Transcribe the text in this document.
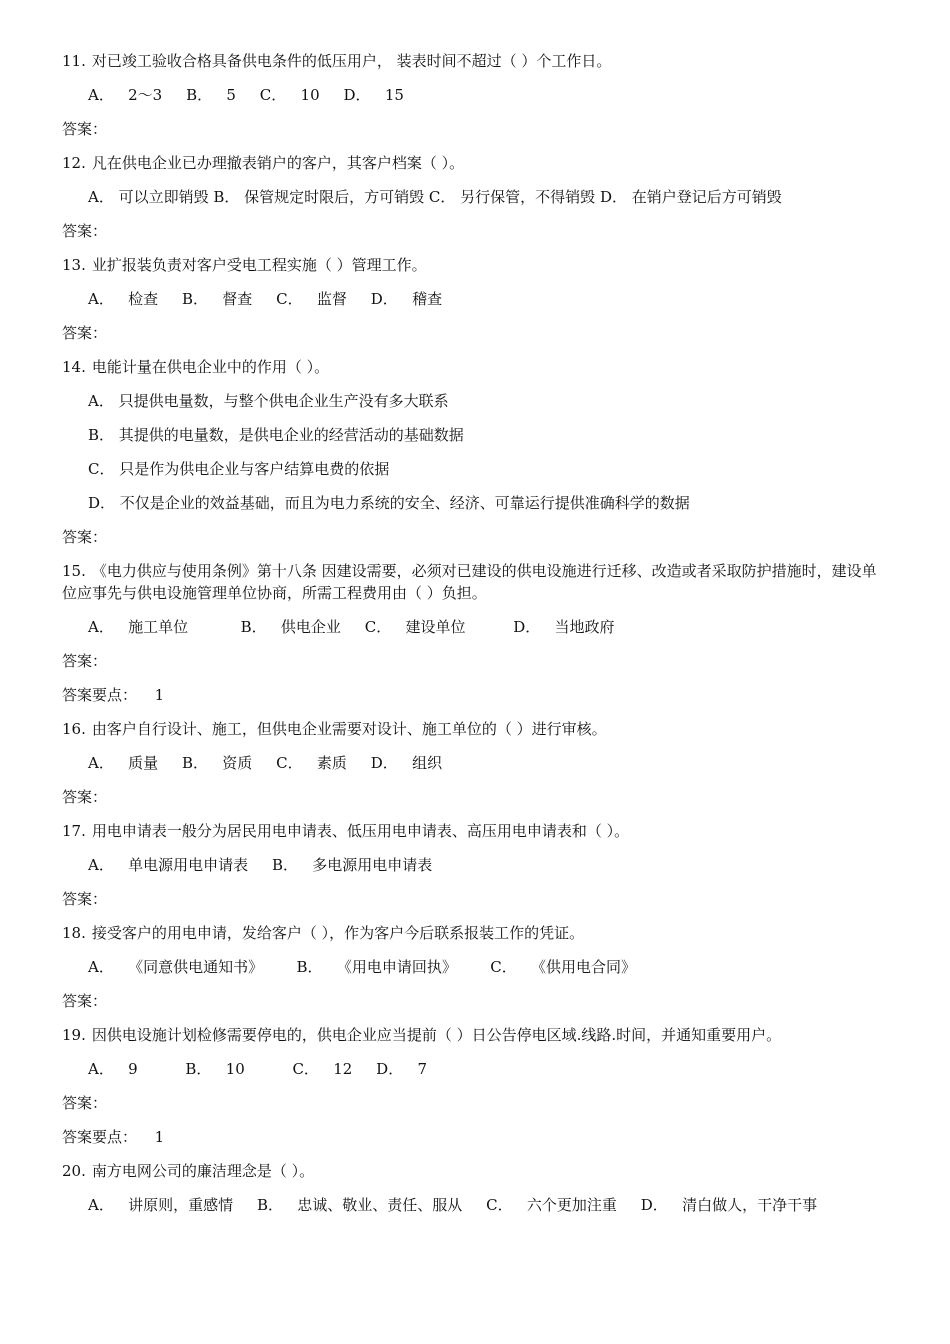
11. 对已竣工验收合格具备供电条件的低压用户， 装表时间不超过（ ）个工作日。
A．   2～3     B．   5     C．   10     D．   15
答案：
12. 凡在供电企业已办理撤表销户的客户，其客户档案（ ）。
A． 可以立即销毁 B． 保管规定时限后，方可销毁 C． 另行保管，不得销毁 D． 在销户登记后方可销毁
答案：
13. 业扩报装负责对客户受电工程实施（ ）管理工作。
A．   检查     B．   督查     C．   监督     D．   稽查
答案：
14. 电能计量在供电企业中的作用（ ）。
A． 只提供电量数，与整个供电企业生产没有多大联系
B． 其提供的电量数，是供电企业的经营活动的基础数据
C． 只是作为供电企业与客户结算电费的依据
D． 不仅是企业的效益基础，而且为电力系统的安全、经济、可靠运行提供准确科学的数据
答案：
15. 《电力供应与使用条例》第十八条 因建设需要，必须对已建设的供电设施进行迁移、改造或者采取防护措施时，建设单位应事先与供电设施管理单位协商，所需工程费用由（ ）负担。
A．   施工单位           B．   供电企业     C．   建设单位          D．   当地政府
答案：
答案要点： 1
16. 由客户自行设计、施工，但供电企业需要对设计、施工单位的（ ）进行审核。
A．   质量     B．   资质     C．   素质     D．   组织
答案：
17. 用电申请表一般分为居民用电申请表、低压用电申请表、高压用电申请表和（ ）。
A．   单电源用电申请表     B．   多电源用电申请表
答案：
18. 接受客户的用电申请，发给客户（ ），作为客户今后联系报装工作的凭证。
A．   《同意供电通知书》       B．   《用电申请回执》       C．   《供用电合同》
答案：
19. 因供电设施计划检修需要停电的，供电企业应当提前（ ）日公告停电区域.线路.时间，并通知重要用户。
A．   9          B．   10          C．   12     D．   7
答案：
答案要点： 1
20. 南方电网公司的廉洁理念是（ ）。
A．   讲原则，重感情     B．   忠诚、敬业、责任、服从     C．   六个更加注重     D．   清白做人，干净干事
